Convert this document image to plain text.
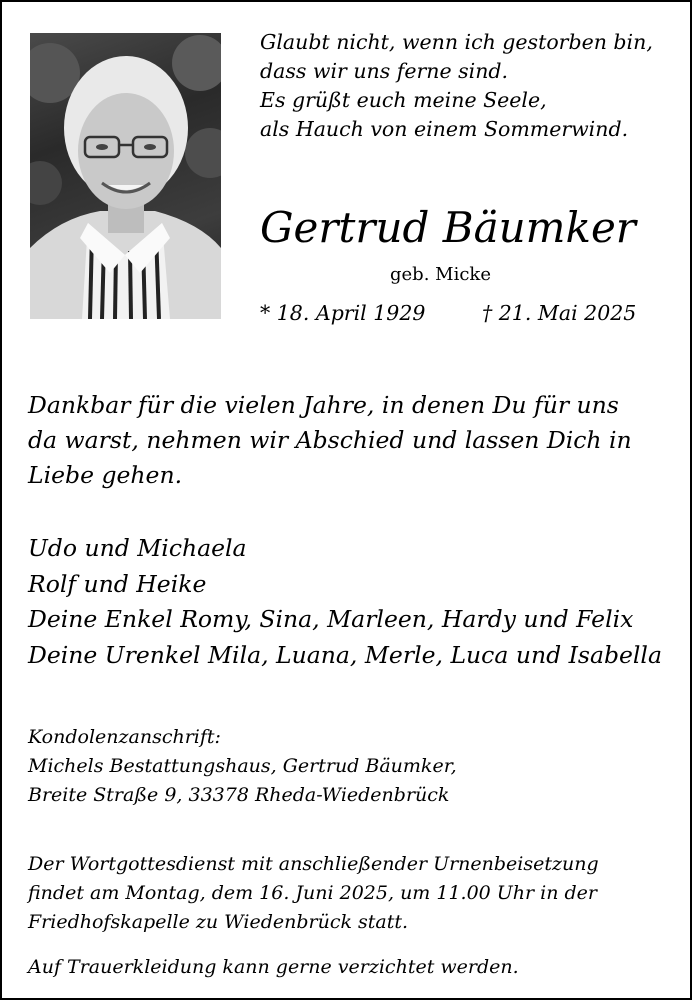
Glaubt nicht, wenn ich gestorben bin,
dass wir uns ferne sind.
Es grüßt euch meine Seele,
als Hauch von einem Sommerwind.
Gertrud Bäumker
geb. Micke
* 18. April 1929	† 21. Mai 2025
Dankbar für die vielen Jahre, in denen Du für uns
da warst, nehmen wir Abschied und lassen Dich in
Liebe gehen.
Udo und Michaela
Rolf und Heike
Deine Enkel Romy, Sina, Marleen, Hardy und Felix
Deine Urenkel Mila, Luana, Merle, Luca und Isabella
Kondolenzanschrift:
Michels Bestattungshaus, Gertrud Bäumker,
Breite Straße 9, 33378 Rheda-Wiedenbrück
Der Wortgottesdienst mit anschließender Urnenbeisetzung
findet am Montag, dem 16. Juni 2025, um 11.00 Uhr in der
Friedhofskapelle zu Wiedenbrück statt.
Auf Trauerkleidung kann gerne verzichtet werden.
